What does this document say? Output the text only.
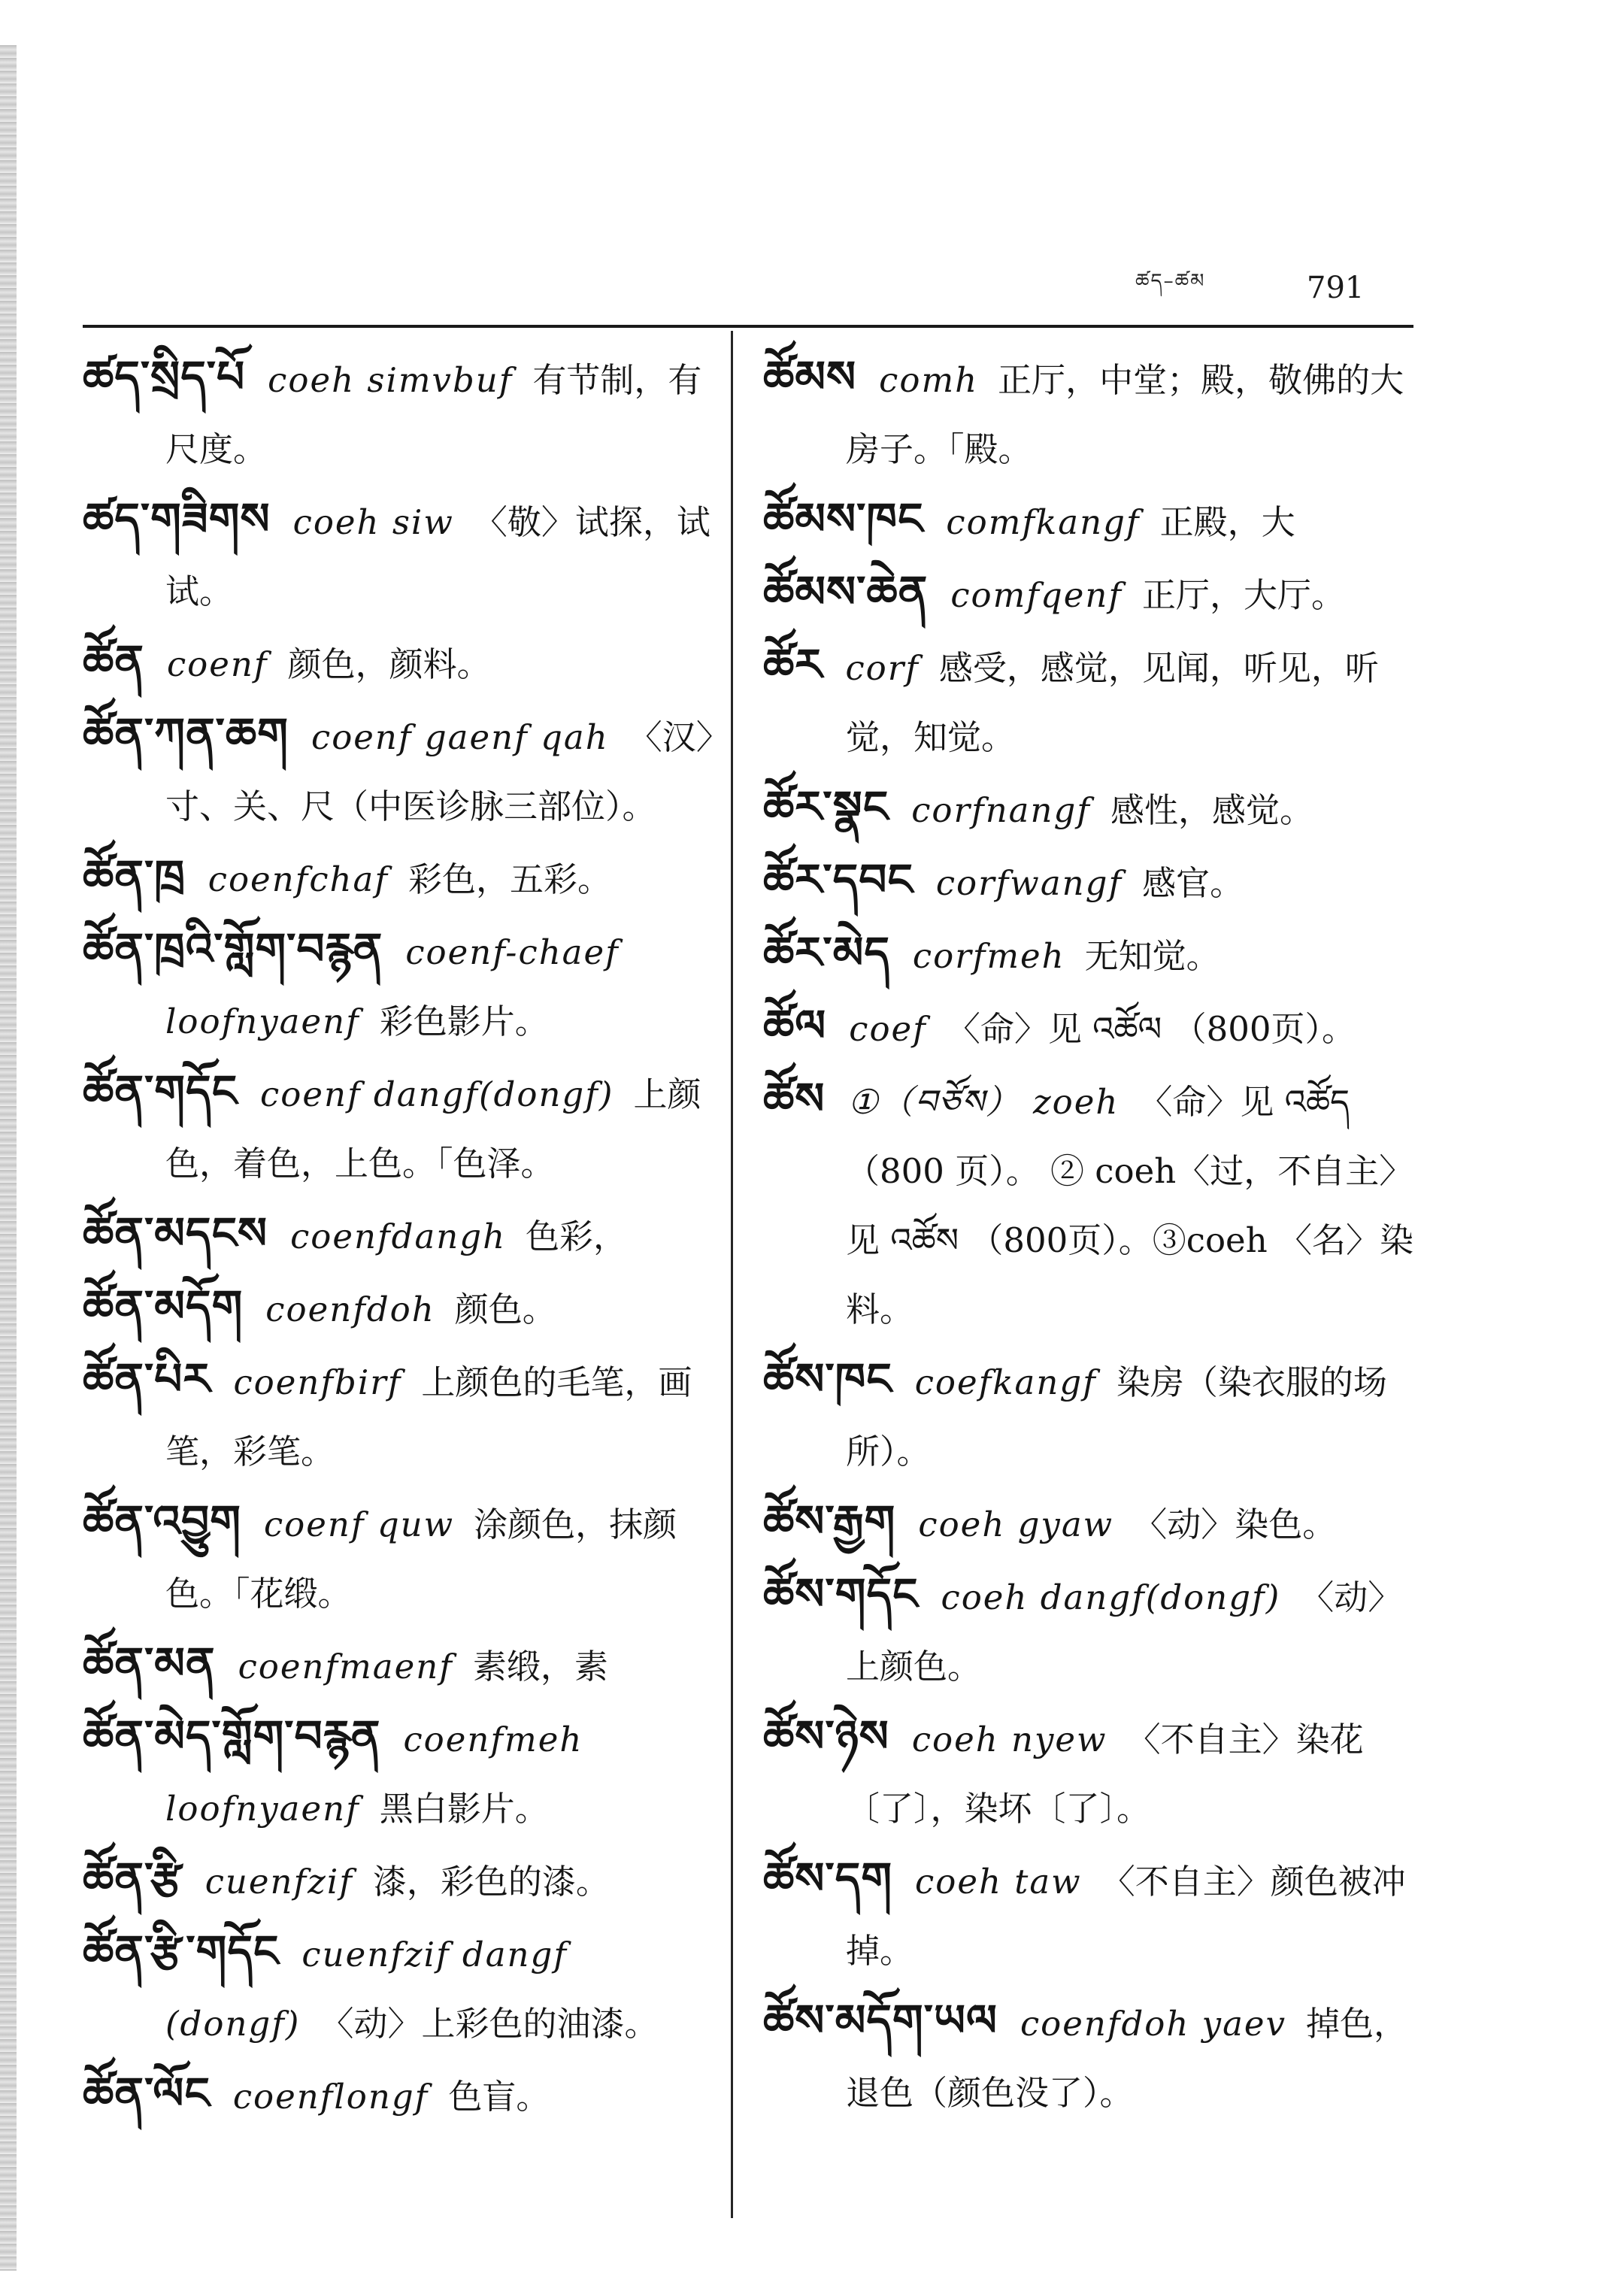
ཚད–ཚམ	791

ཚད་སྲིད་པོ coeh simvbuf 有节制，有尺度。

ཚད་གཟིགས coeh siw 〈敬〉试探，试试。

ཚོན coenf 颜色，颜料。

ཚོན་ཀན་ཆག coenf gaenf qah 〈汉〉寸、关、尺（中医诊脉三部位）。

ཚོན་ཁྲ coenfchaf 彩色，五彩。

ཚོན་ཁྲའི་གློག་བརྙན coenf-chaef loofnyaenf 彩色影片。

ཚོན་གདོང coenf dangf(dongf) 上颜色，着色，上色。「色泽。

ཚོན་མདངས coenfdangh 色彩，

ཚོན་མདོག coenfdoh 颜色。

ཚོན་པིར coenfbirf 上颜色的毛笔，画笔，彩笔。

ཚོན་འབྱུག coenf quw 涂颜色，抹颜色。「花缎。

ཚོན་མན coenfmaenf 素缎，素

ཚོན་མེད་གློག་བརྙན coenfmeh loofnyaenf 黑白影片。

ཚོན་རྩི cuenfzif 漆，彩色的漆。

ཚོན་རྩི་གདོང cuenfzif dangf (dongf) 〈动〉上彩色的油漆。

ཚོན་ལོང coenflongf 色盲。

ཚོམས comh 正厅，中堂；殿，敬佛的大房子。「殿。

ཚོམས་ཁང comfkangf 正殿，大

ཚོམས་ཆེན comfqenf 正厅，大厅。

ཚོར corf 感受，感觉，见闻，听见，听觉，知觉。

ཚོར་སྣང corfnangf 感性，感觉。

ཚོར་དབང corfwangf 感官。

ཚོར་མེད corfmeh 无知觉。

ཚོལ coef 〈命〉见 འཚོལ （800页）。

ཚོས ①（བཙོས） zoeh 〈命〉见 འཚོད（800 页）。 ② coeh〈过，不自主〉 见 འཚོས （800页）。③coeh 〈名〉染料。

ཚོས་ཁང coefkangf 染房（染衣服的场所）。

ཚོས་རྒྱག coeh gyaw 〈动〉染色。

ཚོས་གདོང coeh dangf(dongf) 〈动〉上颜色。

ཚོས་ཉེས coeh nyew 〈不自主〉染花〔了〕，染坏〔了〕。

ཚོས་དག coeh taw 〈不自主〉颜色被冲掉。

ཚོས་མདོག་ཡལ coenfdoh yaev 掉色，退色（颜色没了）。
